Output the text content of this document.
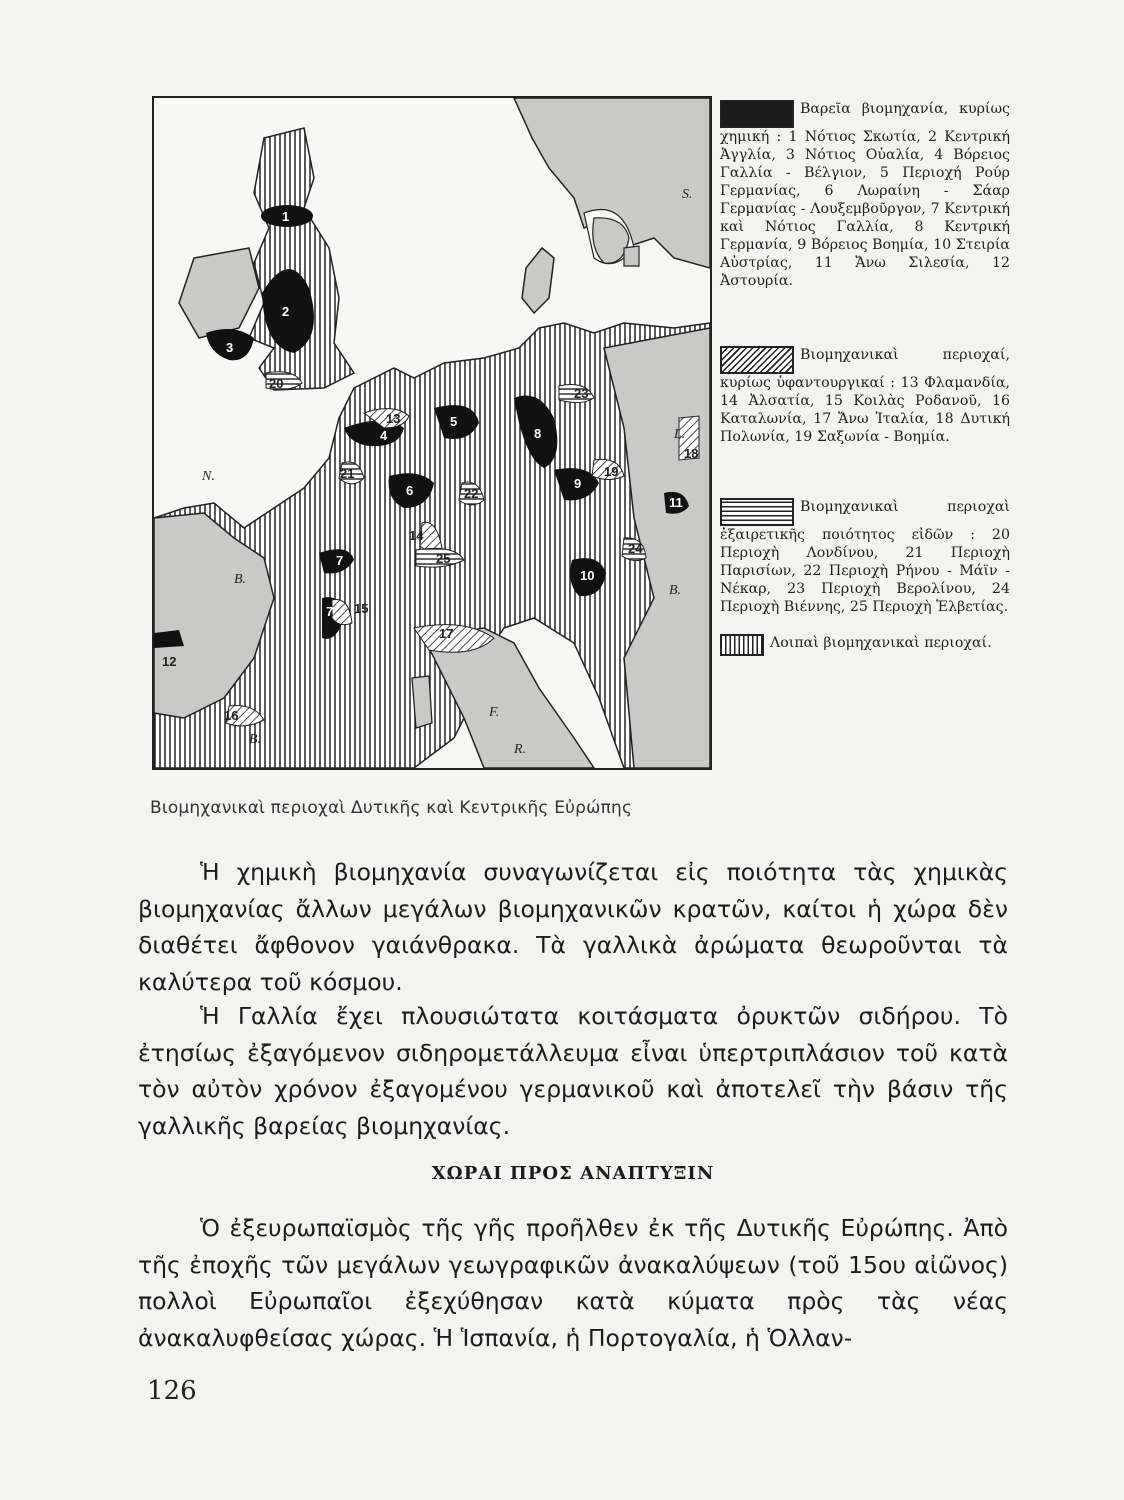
1
2
3
4
5
6
7
7
8
9
10
11
12
13
14
15
16
17
18
19
20
21
22
23
24
25
S.
L.
N.
B.
B.
B.
F.
R.

Βαρεῖα βιομηχανία, κυρίως χημική : 1 Νότιος Σκωτία, 2 Κεντρική Ἀγγλία, 3 Νότιος Οὐαλία, 4 Βόρειος Γαλλία - Βέλγιον, 5 Περιοχή Ρούρ Γερμανίας, 6 Λωραίνη - Σάαρ Γερμανίας - Λουξεμβοῦργον, 7 Κεντρική καὶ Νότιος Γαλλία, 8 Κεντρική Γερμανία, 9 Βόρειος Βοημία, 10 Στειρία Αὐστρίας, 11 Ἄνω Σιλεσία, 12 Ἀστουρία.

Βιομηχανικαὶ περιοχαί, κυρίως ὑφαντουργικαί : 13 Φλαμανδία, 14 Ἀλσατία, 15 Κοιλὰς Ροδανοῦ, 16 Καταλωνία, 17 Ἄνω Ἰταλία, 18 Δυτική Πολωνία, 19 Σαξωνία - Βοημία.

Βιομηχανικαὶ περιοχαὶ ἐξαιρετικῆς ποιότητος εἰδῶν : 20 Περιοχὴ Λονδίνου, 21 Περιοχὴ Παρισίων, 22 Περιοχὴ Ρήνου - Μάϊν - Νέκαρ, 23 Περιοχὴ Βερολίνου, 24 Περιοχὴ Βιέννης, 25 Περιοχὴ Ἑλβετίας.

Λοιπαὶ βιομηχανικαὶ περιοχαί.

Βιομηχανικαὶ περιοχαὶ Δυτικῆς καὶ Κεντρικῆς Εὐρώπης
Ἡ χημικὴ βιομηχανία συναγωνίζεται εἰς ποιότητα τὰς χημικὰς βιομηχανίας ἄλλων μεγάλων βιομηχανικῶν κρατῶν, καίτοι ἡ χώρα δὲν διαθέτει ἄφθονον γαιάνθρακα. Τὰ γαλλικὰ ἀρώματα θεωροῦνται τὰ καλύτερα τοῦ κόσμου.
Ἡ Γαλλία ἔχει πλουσιώτατα κοιτάσματα ὀρυκτῶν σιδήρου. Τὸ ἐτησίως ἐξαγόμενον σιδηρομετάλλευμα εἶναι ὑπερτριπλάσιον τοῦ κατὰ τὸν αὐτὸν χρόνον ἐξαγομένου γερμανικοῦ καὶ ἀποτελεῖ τὴν βάσιν τῆς γαλλικῆς βαρείας βιομηχανίας.
ΧΩΡΑΙ ΠΡΟΣ ΑΝΑΠΤΥΞΙΝ
Ὁ ἐξευρωπαϊσμὸς τῆς γῆς προῆλθεν ἐκ τῆς Δυτικῆς Εὐρώπης. Ἀπὸ τῆς ἐποχῆς τῶν μεγάλων γεωγραφικῶν ἀνακαλύψεων (τοῦ 15ου αἰῶνος) πολλοὶ Εὐρωπαῖοι ἐξεχύθησαν κατὰ κύματα πρὸς τὰς νέας ἀνακαλυφθείσας χώρας. Ἡ Ἱσπανία, ἡ Πορτογαλία, ἡ Ὁλλαν-
126
